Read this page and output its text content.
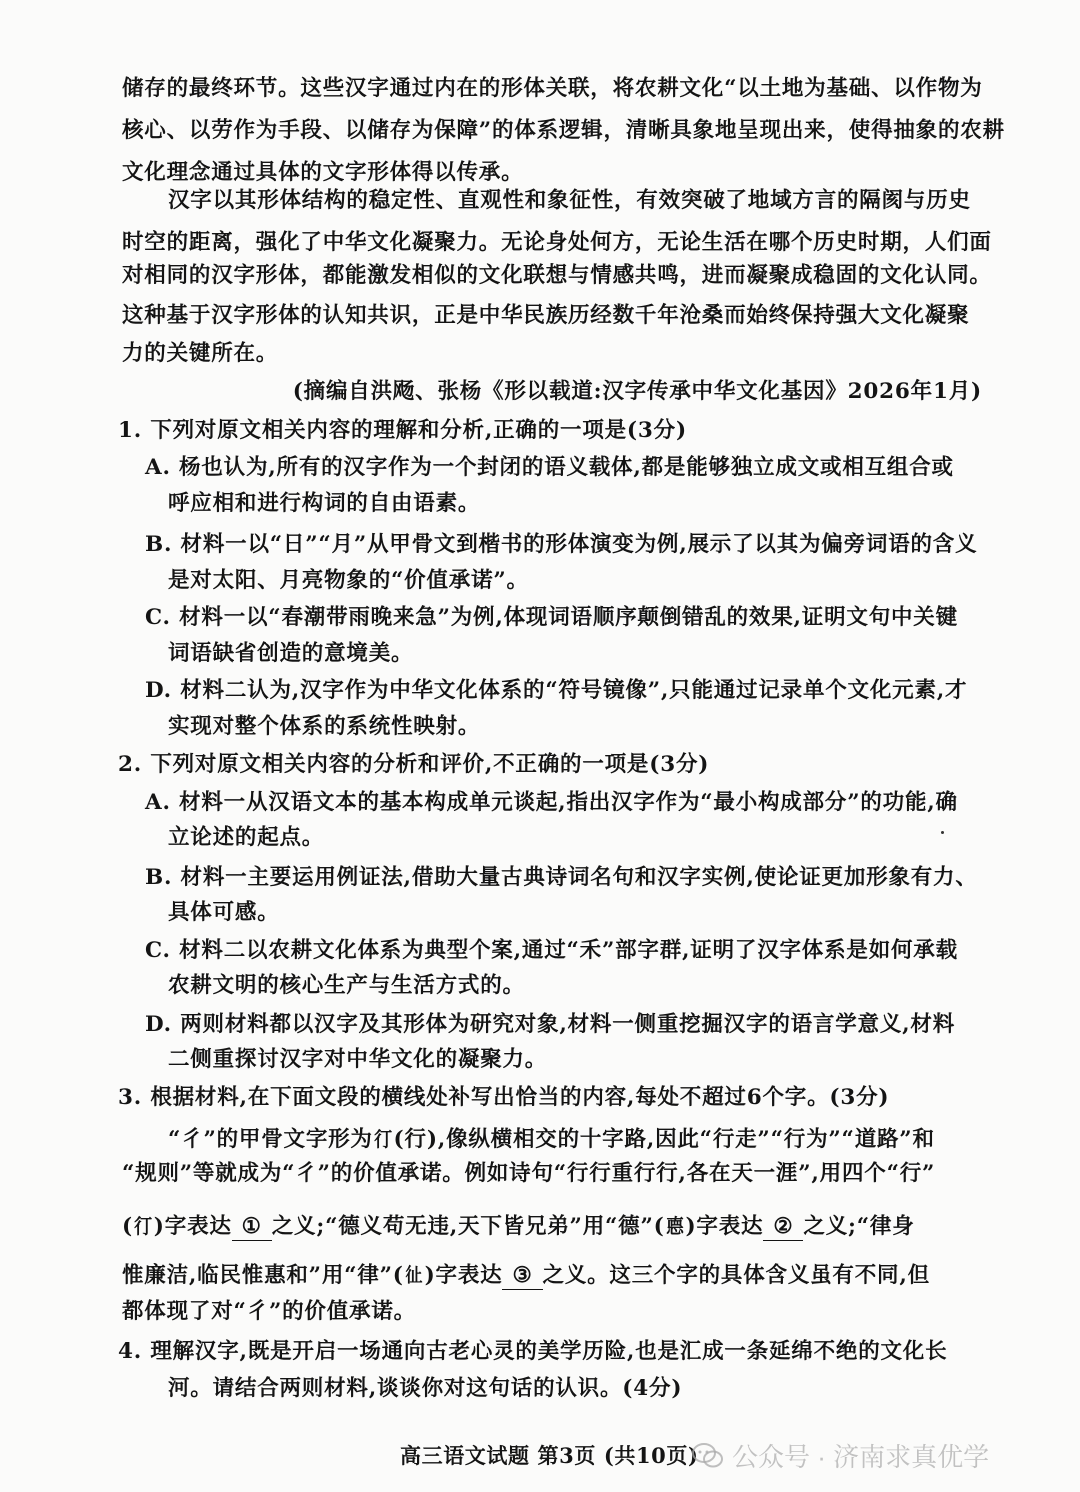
储存的最终环节。这些汉字通过内在的形体关联，将农耕文化“以土地为基础、以作物为
核心、以劳作为手段、以储存为保障”的体系逻辑，清晰具象地呈现出来，使得抽象的农耕
文化理念通过具体的文字形体得以传承。
汉字以其形体结构的稳定性、直观性和象征性，有效突破了地域方言的隔阂与历史
时空的距离，强化了中华文化凝聚力。无论身处何方，无论生活在哪个历史时期，人们面
对相同的汉字形体，都能激发相似的文化联想与情感共鸣，进而凝聚成稳固的文化认同。
这种基于汉字形体的认知共识，正是中华民族历经数千年沧桑而始终保持强大文化凝聚
力的关键所在。
(摘编自洪飏、张杨《形以载道:汉字传承中华文化基因》2026年1月)
1. 下列对原文相关内容的理解和分析,正确的一项是(3分)
A. 杨也认为,所有的汉字作为一个封闭的语义载体,都是能够独立成文或相互组合或
呼应相和进行构词的自由语素。
B. 材料一以“日”“月”从甲骨文到楷书的形体演变为例,展示了以其为偏旁词语的含义
是对太阳、月亮物象的“价值承诺”。
C. 材料一以“春潮带雨晚来急”为例,体现词语顺序颠倒错乱的效果,证明文句中关键
词语缺省创造的意境美。
D. 材料二认为,汉字作为中华文化体系的“符号镜像”,只能通过记录单个文化元素,才
实现对整个体系的系统性映射。
2. 下列对原文相关内容的分析和评价,不正确的一项是(3分)
A. 材料一从汉语文本的基本构成单元谈起,指出汉字作为“最小构成部分”的功能,确
立论述的起点。
B. 材料一主要运用例证法,借助大量古典诗词名句和汉字实例,使论证更加形象有力、
具体可感。
C. 材料二以农耕文化体系为典型个案,通过“禾”部字群,证明了汉字体系是如何承载
农耕文明的核心生产与生活方式的。
D. 两则材料都以汉字及其形体为研究对象,材料一侧重挖掘汉字的语言学意义,材料
二侧重探讨汉字对中华文化的凝聚力。
3. 根据材料,在下面文段的横线处补写出恰当的内容,每处不超过6个字。(3分)
“彳”的甲骨文字形为㣔(行),像纵横相交的十字路,因此“行走”“行为”“道路”和
“规则”等就成为“彳”的价值承诺。例如诗句“行行重行行,各在天一涯”,用四个“行”
(㣔)字表达 ① 之义;“德义苟无违,天下皆兄弟”用“德”(㥁)字表达 ② 之义;“律身
惟廉洁,临民惟惠和”用“律”(𢓊)字表达 ③ 之义。这三个字的具体含义虽有不同,但
都体现了对“彳”的价值承诺。
4. 理解汉字,既是开启一场通向古老心灵的美学历险,也是汇成一条延绵不绝的文化长
河。请结合两则材料,谈谈你对这句话的认识。(4分)
高三语文试题 第3页 (共10页) 公众号 · 济南求真优学
